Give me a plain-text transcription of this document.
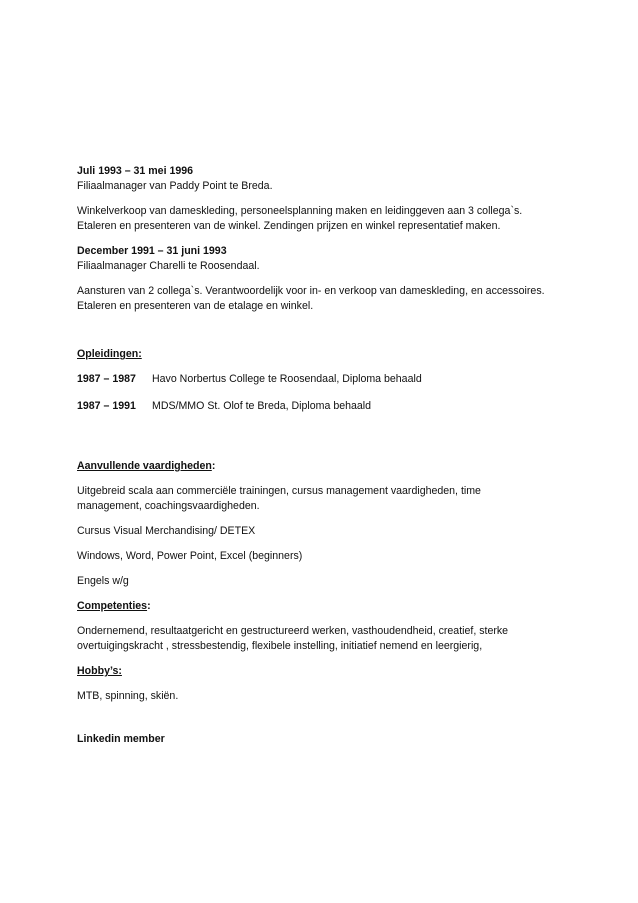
Juli 1993 – 31 mei 1996

Filiaalmanager van Paddy Point te Breda.

Winkelverkoop van dameskleding, personeelsplanning maken en leidinggeven aan 3 collega`s. Etaleren en presenteren van de winkel. Zendingen prijzen en winkel representatief maken.

December 1991 – 31 juni 1993

Filiaalmanager Charelli te Roosendaal.

Aansturen van 2 collega`s. Verantwoordelijk voor in- en verkoop van dameskleding, en accessoires. Etaleren en presenteren van de etalage en winkel.

Opleidingen:

1987 – 1987	Havo Norbertus College te Roosendaal, Diploma behaald
1987 – 1991	MDS/MMO St. Olof te Breda, Diploma behaald

Aanvullende vaardigheden:

Uitgebreid scala aan commerciële trainingen, cursus management vaardigheden, time management, coachingsvaardigheden.

Cursus Visual Merchandising/ DETEX

Windows, Word, Power Point, Excel (beginners)

Engels w/g

Competenties:

Ondernemend, resultaatgericht en gestructureerd werken, vasthoudendheid, creatief, sterke overtuigingskracht , stressbestendig, flexibele instelling, initiatief nemend en leergierig,

Hobby’s:

MTB, spinning, skiën.

Linkedin member
